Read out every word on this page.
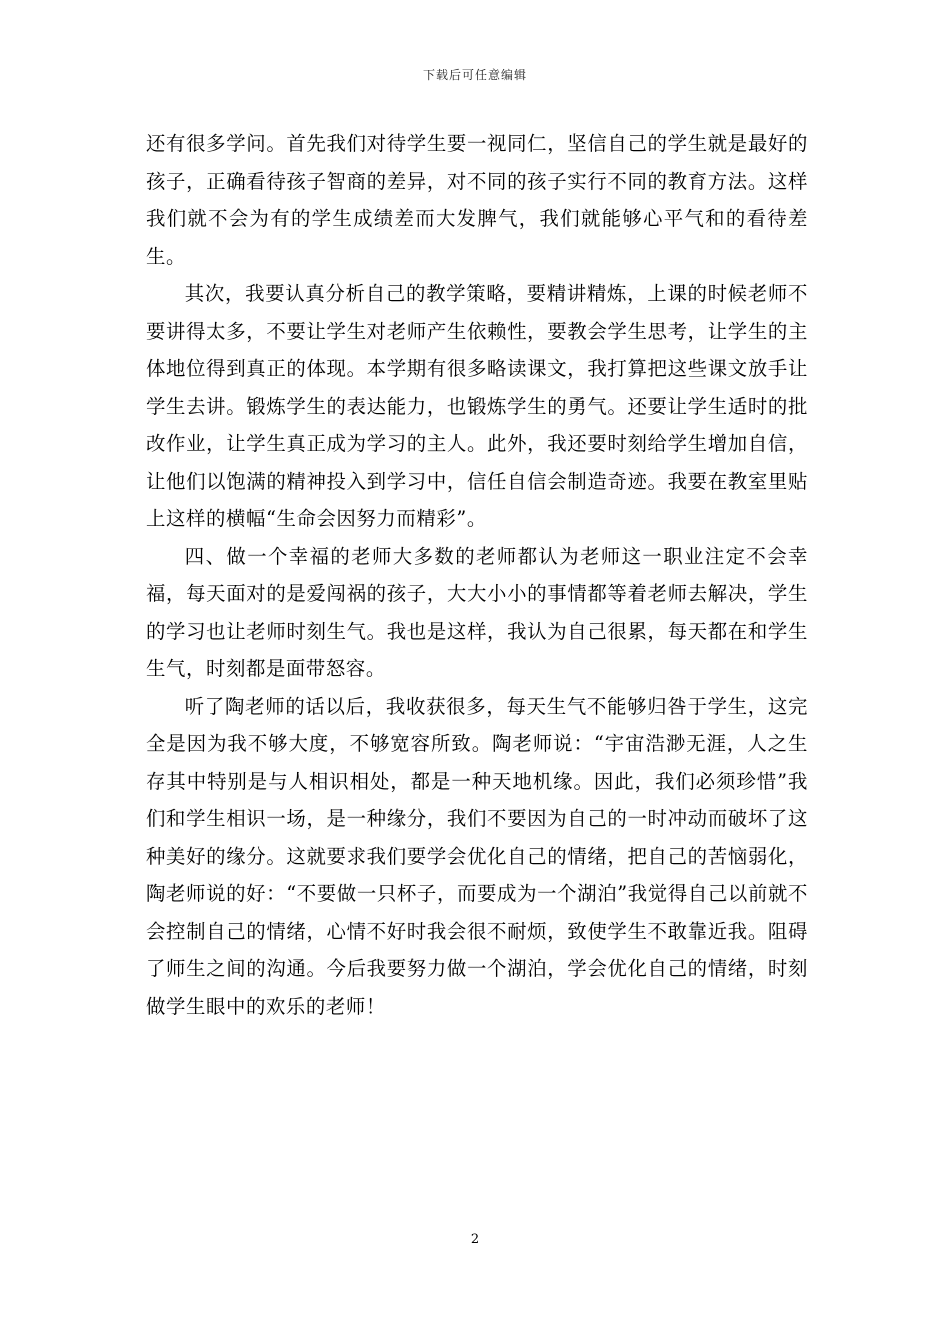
下载后可任意编辑

还有很多学问。首先我们对待学生要一视同仁，坚信自己的学生就是最好的孩子，正确看待孩子智商的差异，对不同的孩子实行不同的教育方法。这样我们就不会为有的学生成绩差而大发脾气，我们就能够心平气和的看待差生。

其次，我要认真分析自己的教学策略，要精讲精炼，上课的时候老师不要讲得太多，不要让学生对老师产生依赖性，要教会学生思考，让学生的主体地位得到真正的体现。本学期有很多略读课文，我打算把这些课文放手让学生去讲。锻炼学生的表达能力，也锻炼学生的勇气。还要让学生适时的批改作业，让学生真正成为学习的主人。此外，我还要时刻给学生增加自信，让他们以饱满的精神投入到学习中，信任自信会制造奇迹。我要在教室里贴上这样的横幅“生命会因努力而精彩”。

四、做一个幸福的老师大多数的老师都认为老师这一职业注定不会幸福，每天面对的是爱闯祸的孩子，大大小小的事情都等着老师去解决，学生的学习也让老师时刻生气。我也是这样，我认为自己很累，每天都在和学生生气，时刻都是面带怒容。

听了陶老师的话以后，我收获很多，每天生气不能够归咎于学生，这完全是因为我不够大度，不够宽容所致。陶老师说：“宇宙浩渺无涯，人之生存其中特别是与人相识相处，都是一种天地机缘。因此，我们必须珍惜”我们和学生相识一场，是一种缘分，我们不要因为自己的一时冲动而破坏了这种美好的缘分。这就要求我们要学会优化自己的情绪，把自己的苦恼弱化，陶老师说的好：“不要做一只杯子，而要成为一个湖泊”我觉得自己以前就不会控制自己的情绪，心情不好时我会很不耐烦，致使学生不敢靠近我。阻碍了师生之间的沟通。今后我要努力做一个湖泊，学会优化自己的情绪，时刻做学生眼中的欢乐的老师！

2
